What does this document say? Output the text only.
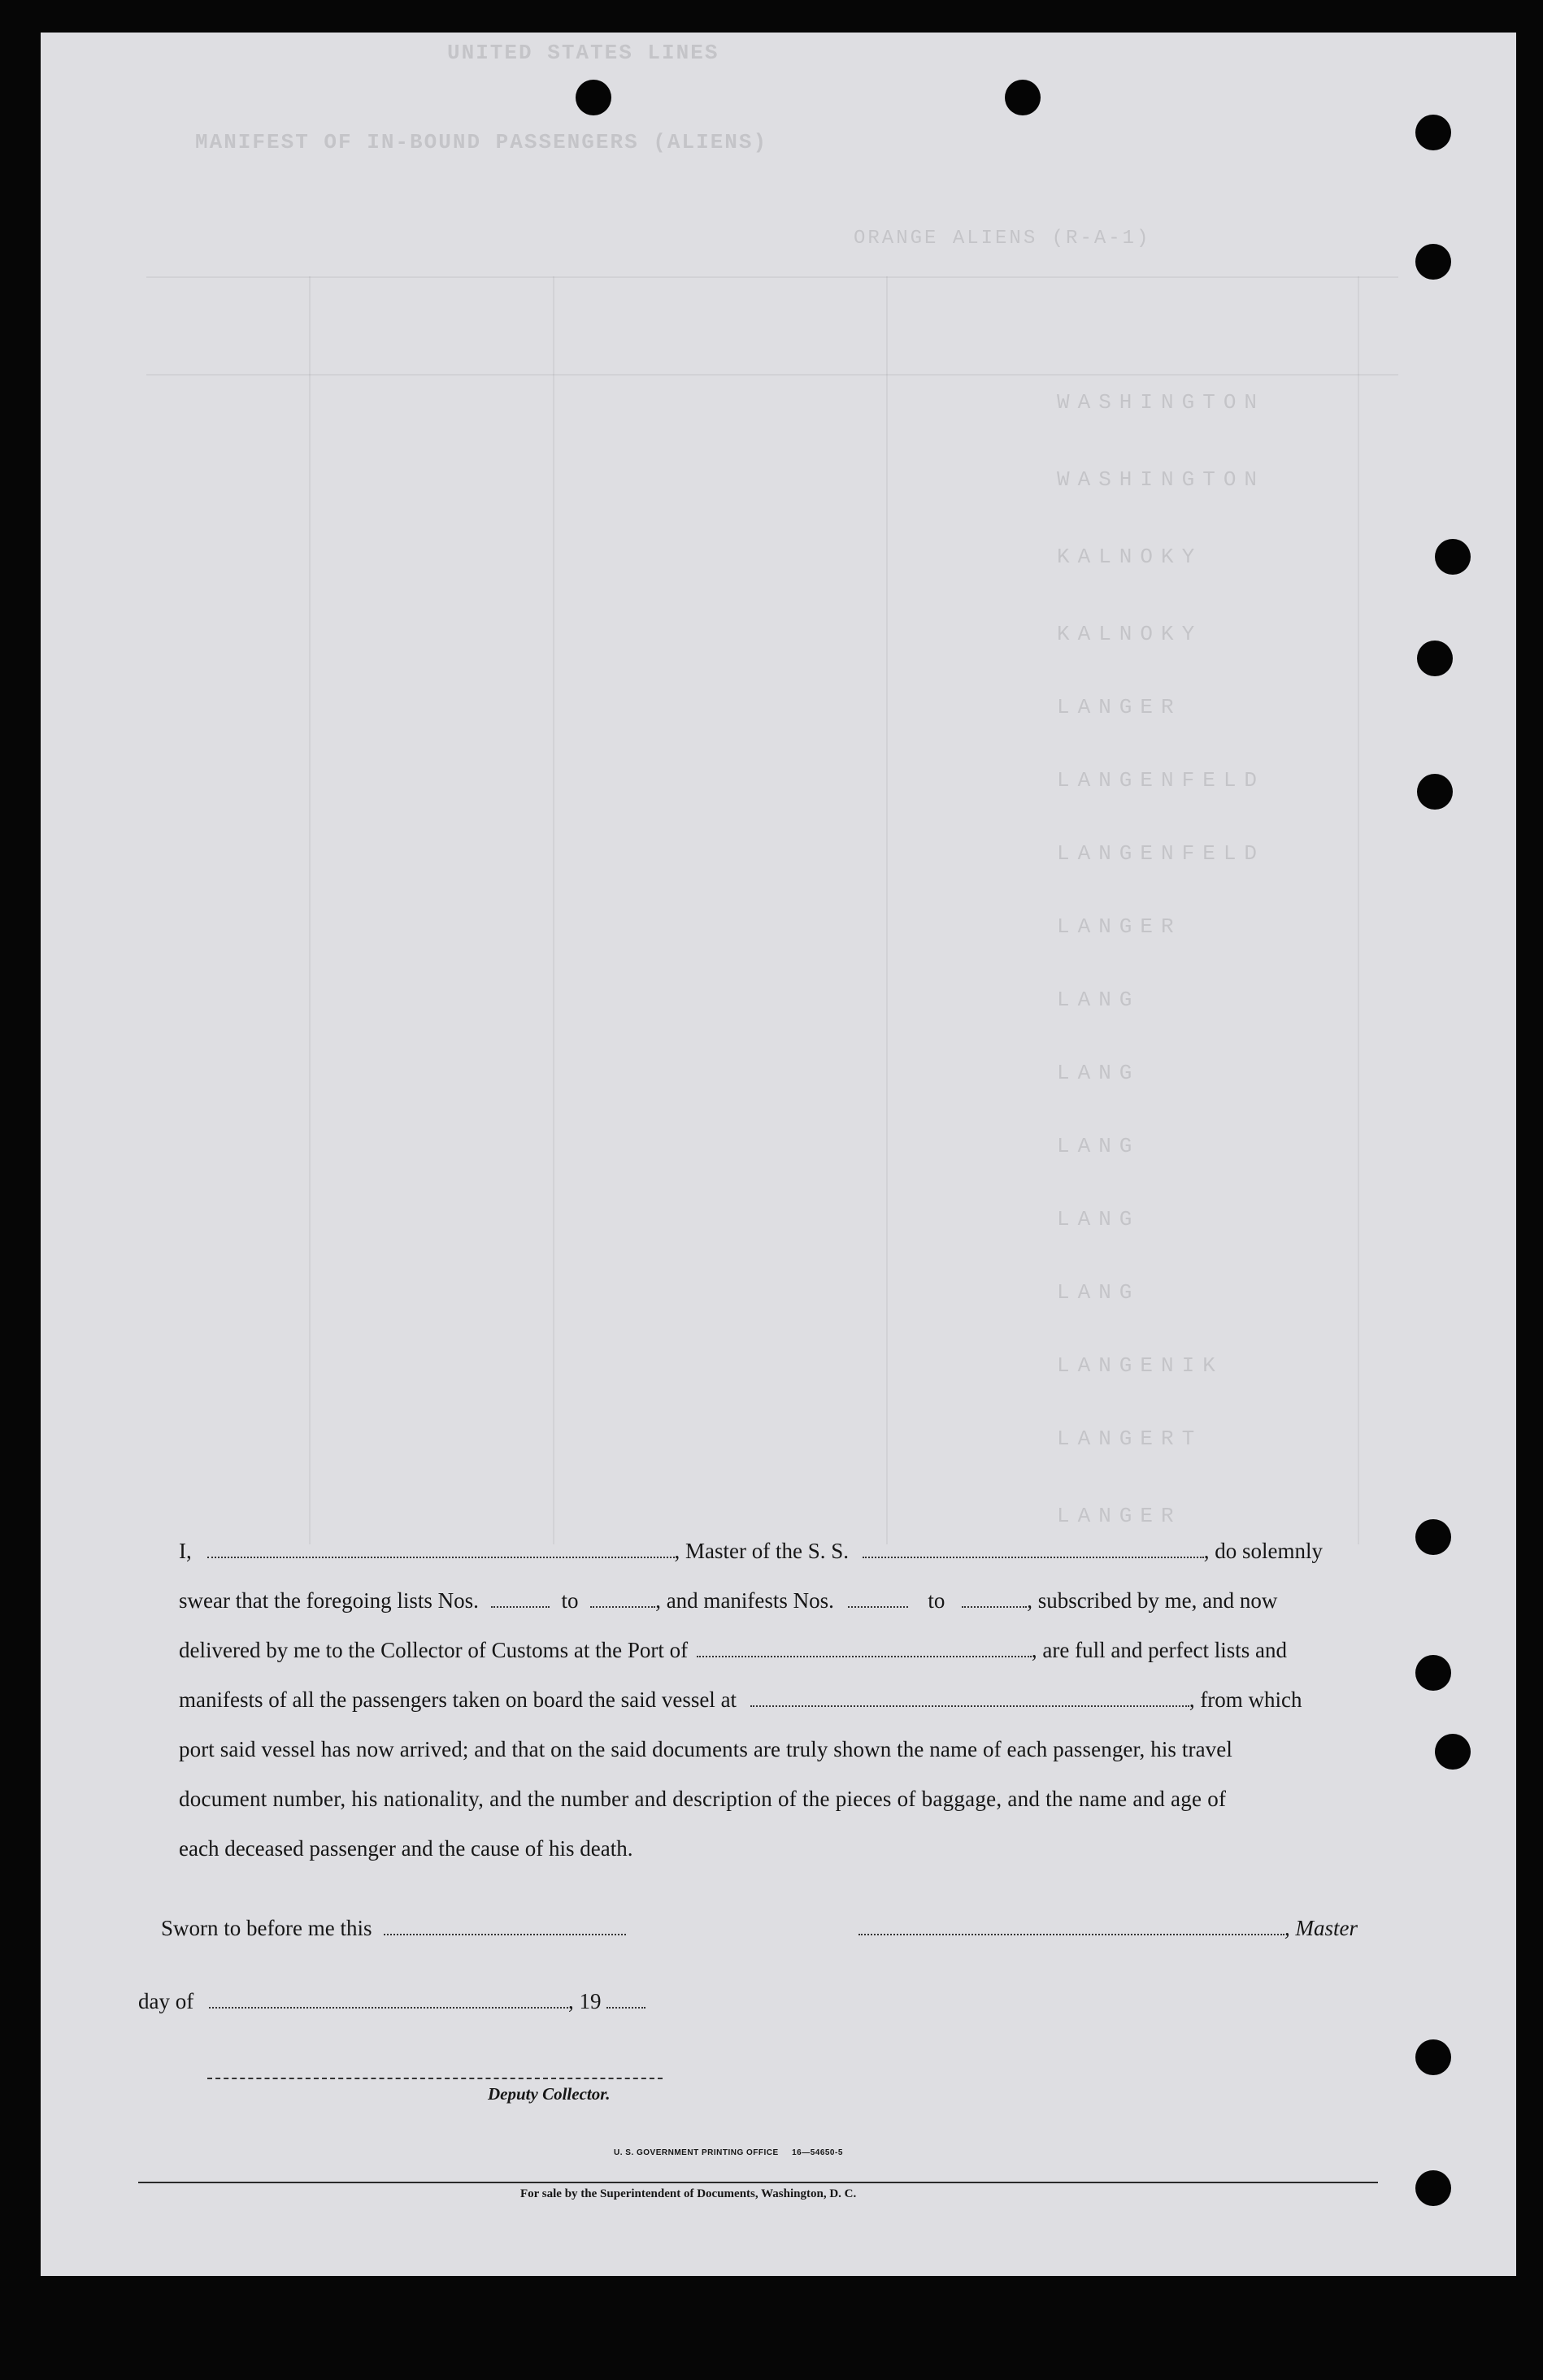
MANIFEST OF IN-BOUND PASSENGERS (ALIENS)
UNITED STATES LINES
ORANGE ALIENS (R-A-1)
WASHINGTON
WASHINGTON
KALNOKY
KALNOKY
LANGER
LANGENFELD
LANGENFELD
LANGER
LANG
LANG
LANG
LANG
LANG
LANGENIK
LANGERT
LANGER
I,	, Master of the S. S.	, do solemnly
swear that the foregoing lists Nos.	to	, and manifests Nos.	to	, subscribed by me, and now
delivered by me to the Collector of Customs at the Port of	, are full and perfect lists and
manifests of all the passengers taken on board the said vessel at	, from which
port said vessel has now arrived; and that on the said documents are truly shown the name of each passenger, his travel
document number, his nationality, and the number and description of the pieces of baggage, and the name and age of
each deceased passenger and the cause of his death.
Sworn to before me this	, Master
day of	, 19
Deputy Collector.
U. S. GOVERNMENT PRINTING OFFICE     16—54650-5
For sale by the Superintendent of Documents, Washington, D. C.
